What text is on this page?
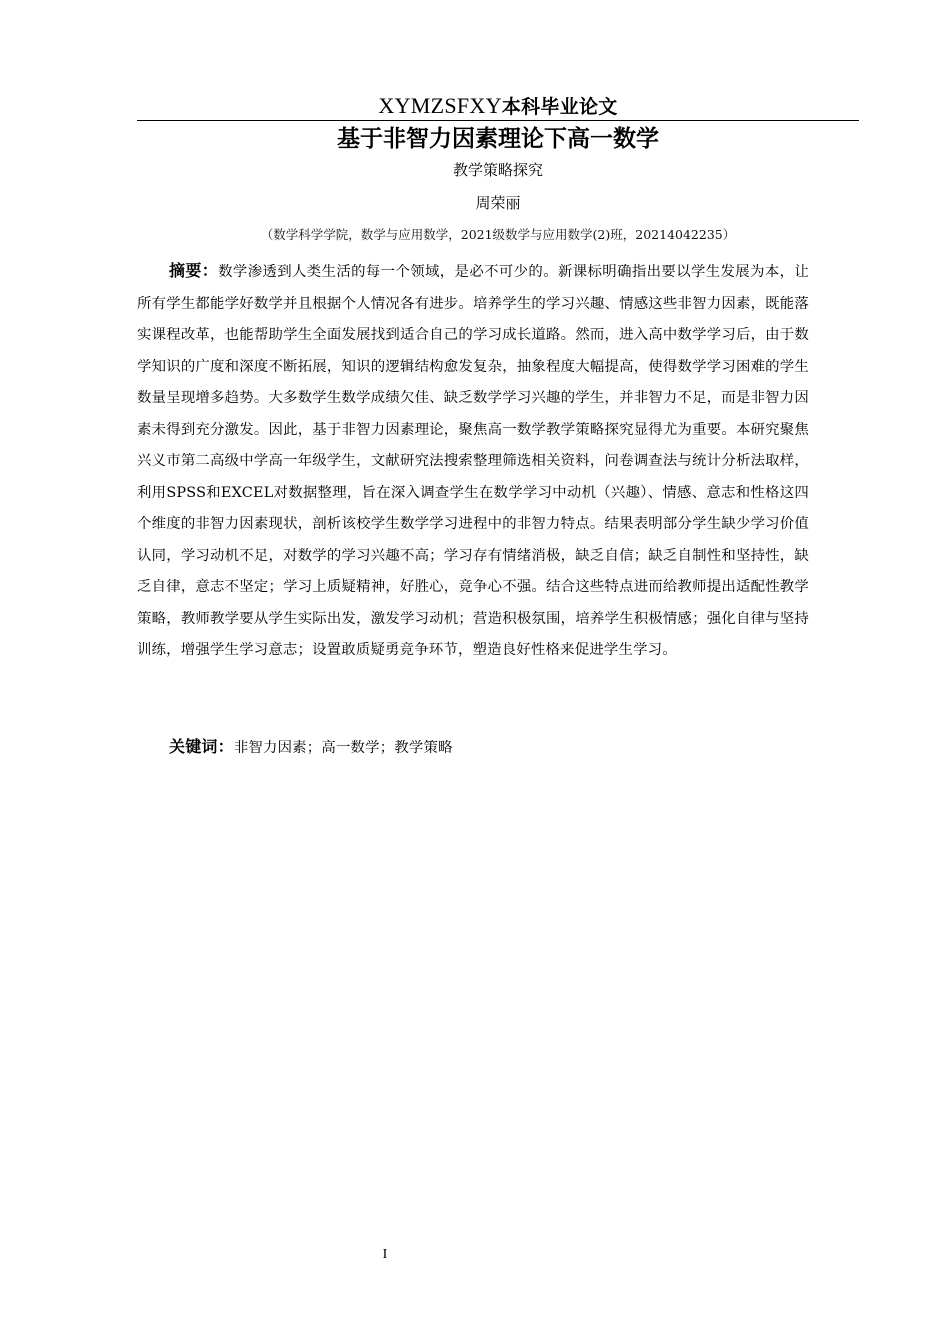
XYMZSFXY本科毕业论文
基于非智力因素理论下高一数学
教学策略探究
周荣丽
（数学科学学院，数学与应用数学，2021级数学与应用数学(2)班，20214042235）
摘要：数学渗透到人类生活的每一个领域，是必不可少的。新课标明确指出要以学生发展为本，让所有学生都能学好数学并且根据个人情况各有进步。培养学生的学习兴趣、情感这些非智力因素，既能落实课程改革，也能帮助学生全面发展找到适合自己的学习成长道路。然而，进入高中数学学习后，由于数学知识的广度和深度不断拓展，知识的逻辑结构愈发复杂，抽象程度大幅提高，使得数学学习困难的学生数量呈现增多趋势。大多数学生数学成绩欠佳、缺乏数学学习兴趣的学生，并非智力不足，而是非智力因素未得到充分激发。因此，基于非智力因素理论，聚焦高一数学教学策略探究显得尤为重要。本研究聚焦兴义市第二高级中学高一年级学生，文献研究法搜索整理筛选相关资料，问卷调查法与统计分析法取样，利用SPSS和EXCEL对数据整理，旨在深入调查学生在数学学习中动机（兴趣）、情感、意志和性格这四个维度的非智力因素现状，剖析该校学生数学学习进程中的非智力特点。结果表明部分学生缺少学习价值认同，学习动机不足，对数学的学习兴趣不高；学习存有情绪消极，缺乏自信；缺乏自制性和坚持性，缺乏自律，意志不坚定；学习上质疑精神，好胜心，竞争心不强。结合这些特点进而给教师提出适配性教学策略，教师教学要从学生实际出发，激发学习动机；营造积极氛围，培养学生积极情感；强化自律与坚持训练，增强学生学习意志；设置敢质疑勇竞争环节，塑造良好性格来促进学生学习。
关键词：非智力因素；高一数学；教学策略
I
